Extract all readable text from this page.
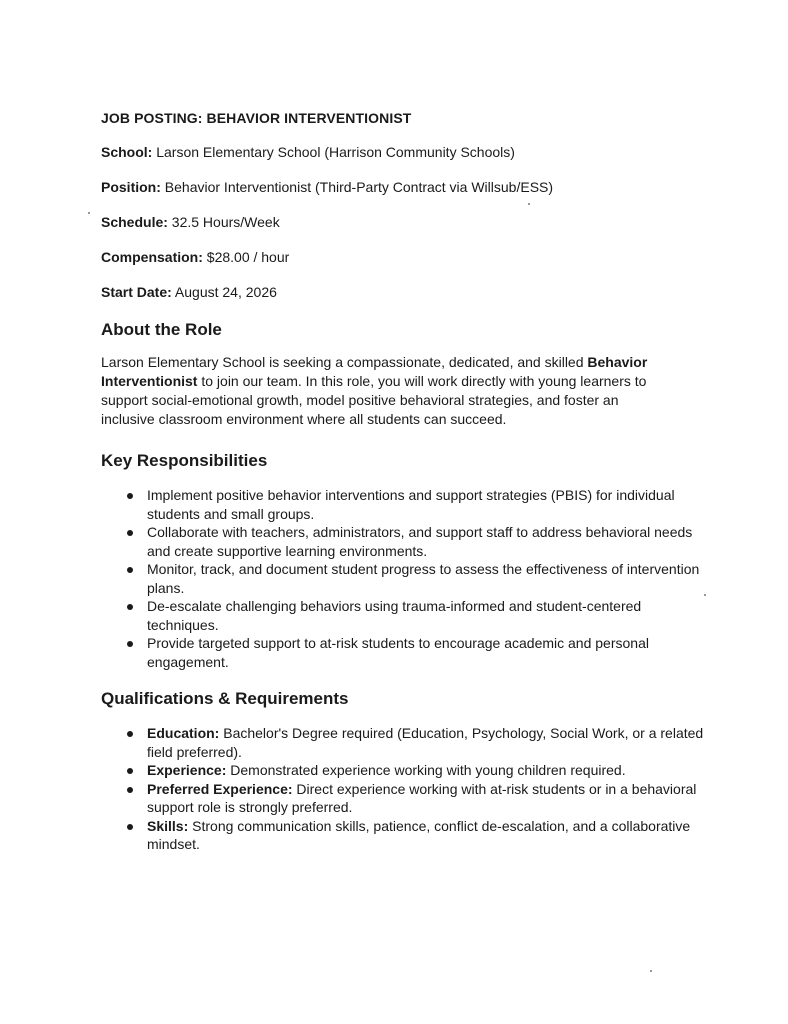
JOB POSTING: BEHAVIOR INTERVENTIONIST
School: Larson Elementary School (Harrison Community Schools)
Position: Behavior Interventionist (Third-Party Contract via Willsub/ESS)
Schedule: 32.5 Hours/Week
Compensation: $28.00 / hour
Start Date: August 24, 2026
About the Role

Larson Elementary School is seeking a compassionate, dedicated, and skilled Behavior Interventionist to join our team. In this role, you will work directly with young learners to support social-emotional growth, model positive behavioral strategies, and foster an inclusive classroom environment where all students can succeed.

Key Responsibilities
Implement positive behavior interventions and support strategies (PBIS) for individual students and small groups.
Collaborate with teachers, administrators, and support staff to address behavioral needs and create supportive learning environments.
Monitor, track, and document student progress to assess the effectiveness of intervention plans.
De-escalate challenging behaviors using trauma-informed and student-centered techniques.
Provide targeted support to at-risk students to encourage academic and personal engagement.
Qualifications & Requirements
Education: Bachelor's Degree required (Education, Psychology, Social Work, or a related field preferred).
Experience: Demonstrated experience working with young children required.
Preferred Experience: Direct experience working with at-risk students or in a behavioral support role is strongly preferred.
Skills: Strong communication skills, patience, conflict de-escalation, and a collaborative mindset.
